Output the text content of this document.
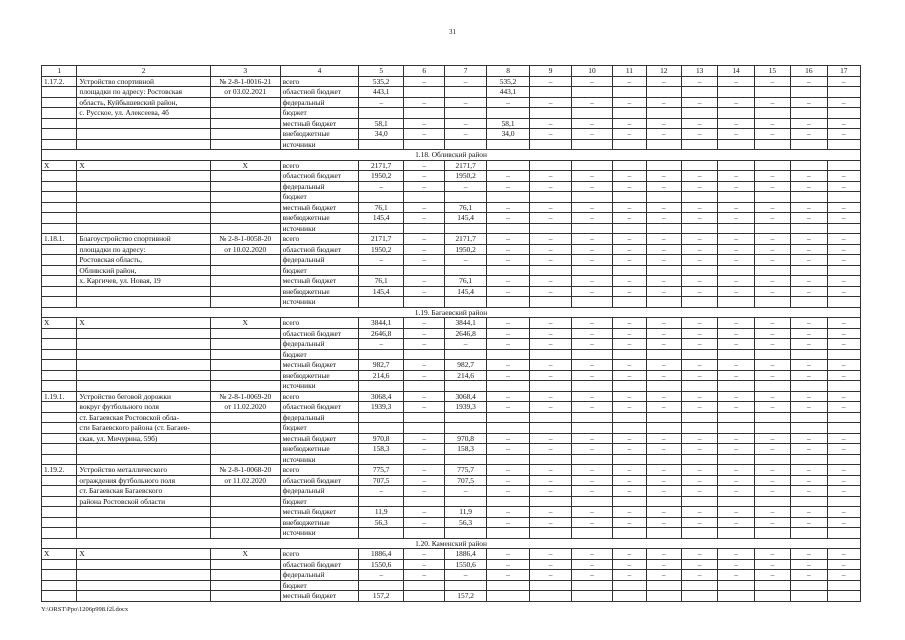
31
1	2	3	4	5	6	7	8	9	10	11	12	13	14	15	16	17
1.17.2.	Устройство спортивной	№ 2-8-1-0016-21	всего	535,2	–	–	535,2	–	–	–	–	–	–	–	–	–
	площадки по адресу: Ростовская	от 03.02.2021	областной бюджет	443,1			443,1									
	область, Куйбышевский район,		федеральный	–	–	–	–	–	–	–	–	–	–	–	–	–
	с. Русское, ул. Алексеева, 4б		бюджет													
			местный бюджет	58,1	–	–	58,1	–	–	–	–	–	–	–	–	–
			внебюджетные	34,0	–	–	34,0	–	–	–	–	–	–	–	–	–
			источники													
1.18. Обливский район																
X	X	X	всего	2171,7	–	2171,7										
			областной бюджет	1950,2	–	1950,2	–	–	–	–	–	–	–	–	–	–
			федеральный	–	–	–	–	–	–	–	–	–	–	–	–	–
			бюджет													
			местный бюджет	76,1	–	76,1	–	–	–	–	–	–	–	–	–	–
			внебюджетные	145,4	–	145,4	–	–	–	–	–	–	–	–	–	–
			источники													
1.18.1.	Благоустройство спортивной	№ 2-8-1-0058-20	всего	2171,7	–	2171,7	–	–	–	–	–	–	–	–	–	–
	площадки по адресу:	от 10.02.2020	областной бюджет	1950,2	–	1950,2	–	–	–	–	–	–	–	–	–	–
	Ростовская область,		федеральный	–	–	–	–	–	–	–	–	–	–	–	–	–
	Обливский район,		бюджет													
	х. Каргичев, ул. Новая, 19		местный бюджет	76,1	–	76,1	–	–	–	–	–	–	–	–	–	–
			внебюджетные	145,4	–	145,4	–	–	–	–	–	–	–	–	–	–
			источники													
1.19. Багаевский район																
X	X	X	всего	3844,1	–	3844,1	–	–	–	–	–	–	–	–	–	–
			областной бюджет	2646,8	–	2646,8	–	–	–	–	–	–	–	–	–	–
			федеральный	–	–	–	–	–	–	–	–	–	–	–	–	–
			бюджет													
			местный бюджет	982,7	–	982,7	–	–	–	–	–	–	–	–	–	–
			внебюджетные	214,6	–	214,6	–	–	–	–	–	–	–	–	–	–
			источники													
1.19.1.	Устройство беговой дорожки	№ 2-8-1-0069-20	всего	3068,4	–	3068,4	–	–	–	–	–	–	–	–	–	–
	вокруг футбольного поля	от 11.02.2020	областной бюджет	1939,3	–	1939,3	–	–	–	–	–	–	–	–	–	–
	ст. Багаевская Ростовской обла-		федеральный													
	сти Багаевского района (ст. Багаев-		бюджет													
	ская, ул. Мичурина, 59б)		местный бюджет	970,8	–	970,8	–	–	–	–	–	–	–	–	–	–
			внебюджетные	158,3	–	158,3	–	–	–	–	–	–	–	–	–	–
			источники													
1.19.2.	Устройство металлического	№ 2-8-1-0068-20	всего	775,7	–	775,7	–	–	–	–	–	–	–	–	–	–
	ограждения футбольного поля	от 11.02.2020	областной бюджет	707,5	–	707,5	–	–	–	–	–	–	–	–	–	–
	ст. Багаевская Багаевского		федеральный	–	–	–	–	–	–	–	–	–	–	–	–	–
	района Ростовской области		бюджет													
			местный бюджет	11,9	–	11,9	–	–	–	–	–	–	–	–	–	–
			внебюджетные	56,3	–	56,3	–	–	–	–	–	–	–	–	–	–
			источники													
1.20. Каменский район																
X	X	X	всего	1886,4	–	1886,4	–	–	–	–	–	–	–	–	–	–
			областной бюджет	1550,6	–	1550,6	–	–	–	–	–	–	–	–	–	–
			федеральный	–	–	–	–	–	–	–	–	–	–	–	–	–
			бюджет													
			местный бюджет	157,2		157,2										
Y:\ORST\Ppo\1206p998.f2l.docx
